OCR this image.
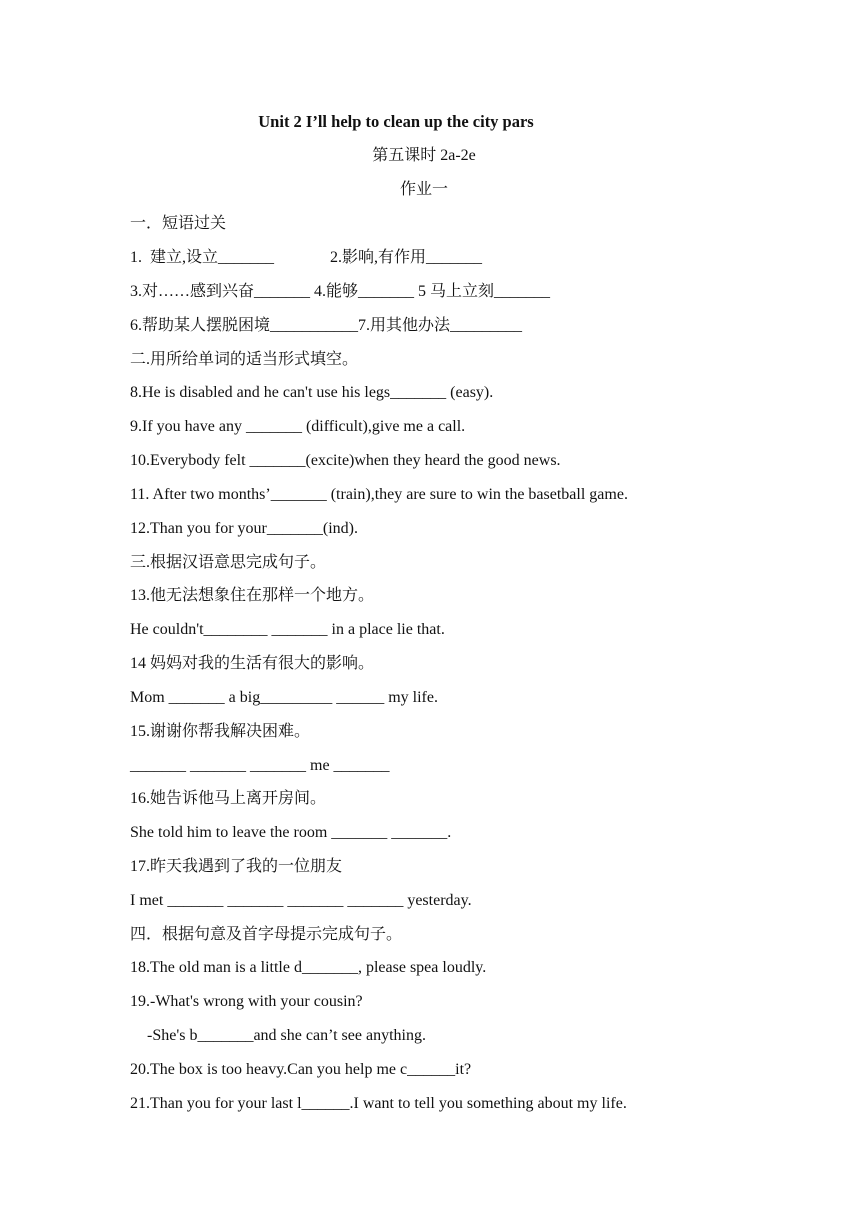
Unit 2 I’ll help to clean up the city pars
第五课时 2a-2e
作业一
一．短语过关
1.  建立,设立_______	2.影响,有作用_______
3.对……感到兴奋_______ 4.能够_______ 5 马上立刻_______
6.帮助某人摆脱困境___________7.用其他办法_________
二.用所给单词的适当形式填空。
8.He is disabled and he can't use his legs_______ (easy).
9.If you have any _______ (difficult),give me a call.
10.Everybody felt _______(excite)when they heard the good news.
11. After two months’_______ (train),they are sure to win the basetball game.
12.Than you for your_______(ind).
三.根据汉语意思完成句子。
13.他无法想象住在那样一个地方。
He couldn't________ _______ in a place lie that.
14 妈妈对我的生活有很大的影响。
Mom _______ a big_________ ______ my life.
15.谢谢你帮我解决困难。
_______ _______ _______ me _______
16.她告诉他马上离开房间。
She told him to leave the room _______ _______.
17.昨天我遇到了我的一位朋友
I met _______ _______ _______ _______ yesterday.
四．根据句意及首字母提示完成句子。
18.The old man is a little d_______, please spea loudly.
19.-What's wrong with your cousin?
-She's b_______and she can’t see anything.
20.The box is too heavy.Can you help me c______it?
21.Than you for your last l______.I want to tell you something about my life.
